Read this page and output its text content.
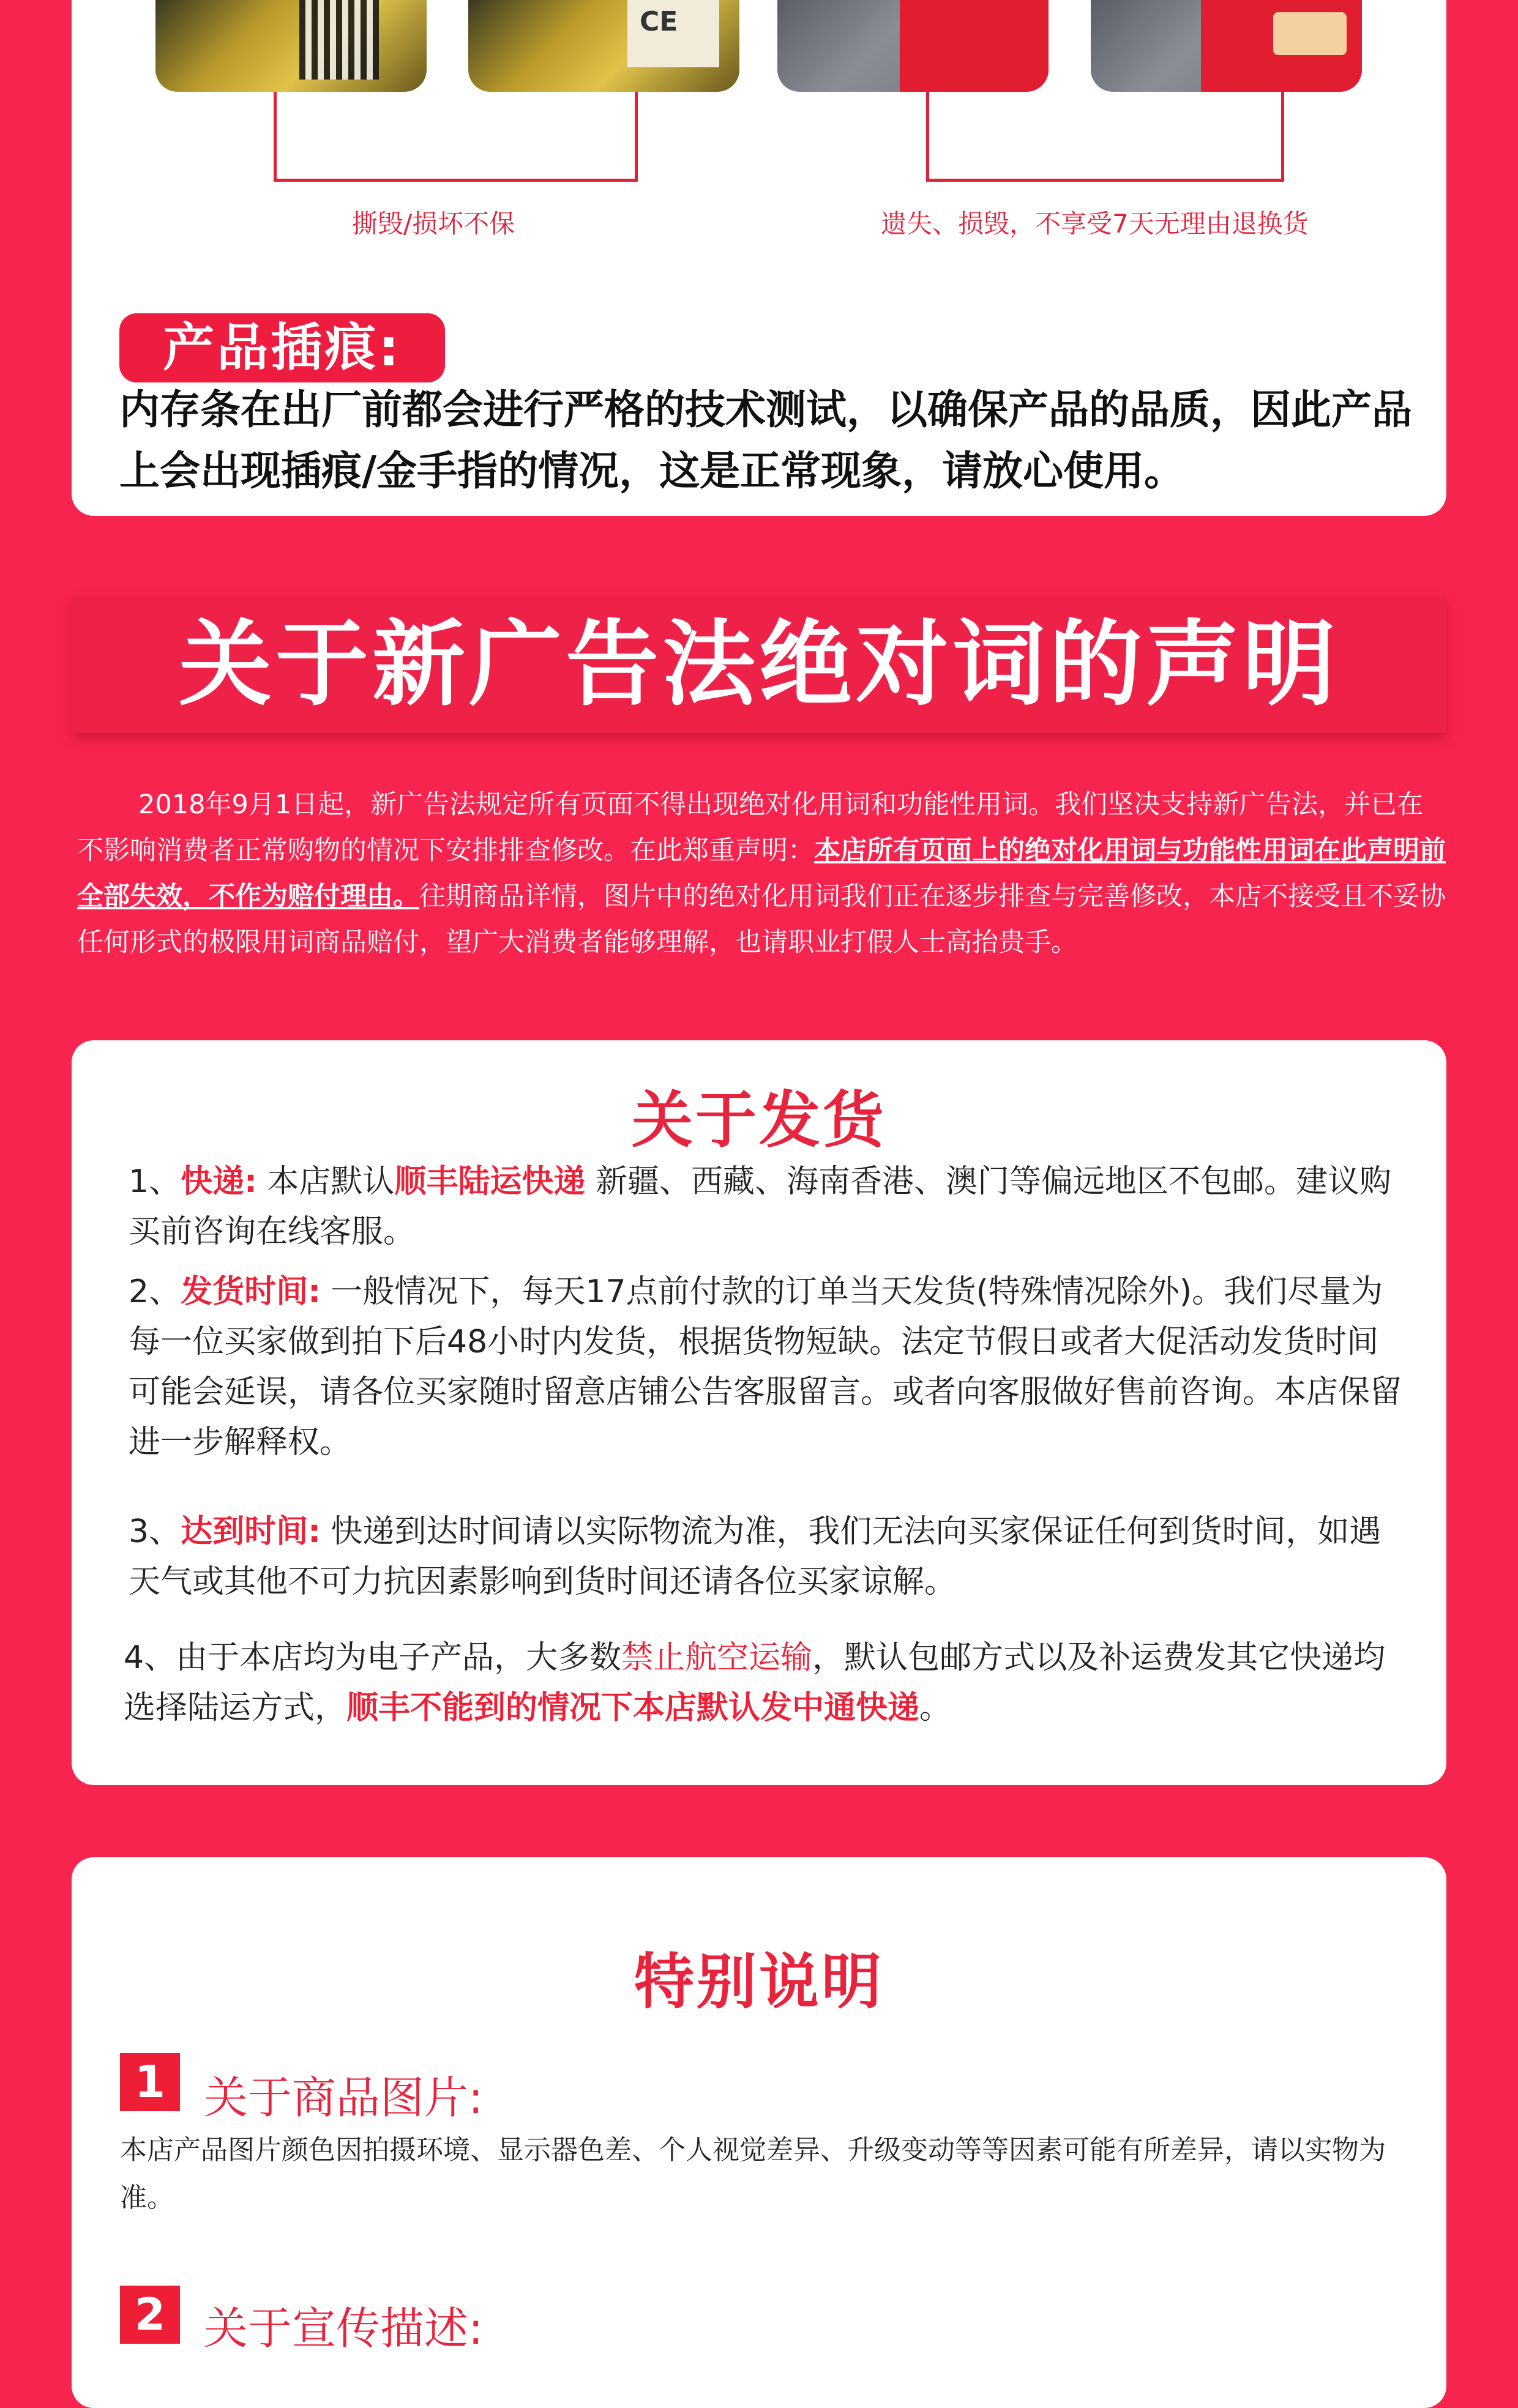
CE
撕毁/损坏不保	遗失、损毁，不享受7天无理由退换货
产品插痕:
内存条在出厂前都会进行严格的技术测试，以确保产品的品质，因此产品上会出现插痕/金手指的情况，这是正常现象，请放心使用。
关于新广告法绝对词的声明
2018年9月1日起，新广告法规定所有页面不得出现绝对化用词和功能性用词。我们坚决支持新广告法，并已在不影响消费者正常购物的情况下安排排查修改。在此郑重声明：本店所有页面上的绝对化用词与功能性用词在此声明前全部失效，不作为赔付理由。往期商品详情，图片中的绝对化用词我们正在逐步排查与完善修改，本店不接受且不妥协任何形式的极限用词商品赔付，望广大消费者能够理解，也请职业打假人士高抬贵手。
关于发货
1、快递: 本店默认顺丰陆运快递 新疆、西藏、海南香港、澳门等偏远地区不包邮。建议购买前咨询在线客服。
2、发货时间: 一般情况下，每天17点前付款的订单当天发货(特殊情况除外)。我们尽量为每一位买家做到拍下后48小时内发货，根据货物短缺。法定节假日或者大促活动发货时间可能会延误，请各位买家随时留意店铺公告客服留言。或者向客服做好售前咨询。本店保留进一步解释权。
3、达到时间: 快递到达时间请以实际物流为准，我们无法向买家保证任何到货时间，如遇天气或其他不可力抗因素影响到货时间还请各位买家谅解。
4、由于本店均为电子产品，大多数禁止航空运输，默认包邮方式以及补运费发其它快递均选择陆运方式，顺丰不能到的情况下本店默认发中通快递。
特别说明
1 关于商品图片:
本店产品图片颜色因拍摄环境、显示器色差、个人视觉差异、升级变动等等因素可能有所差异，请以实物为准。
2 关于宣传描述:
